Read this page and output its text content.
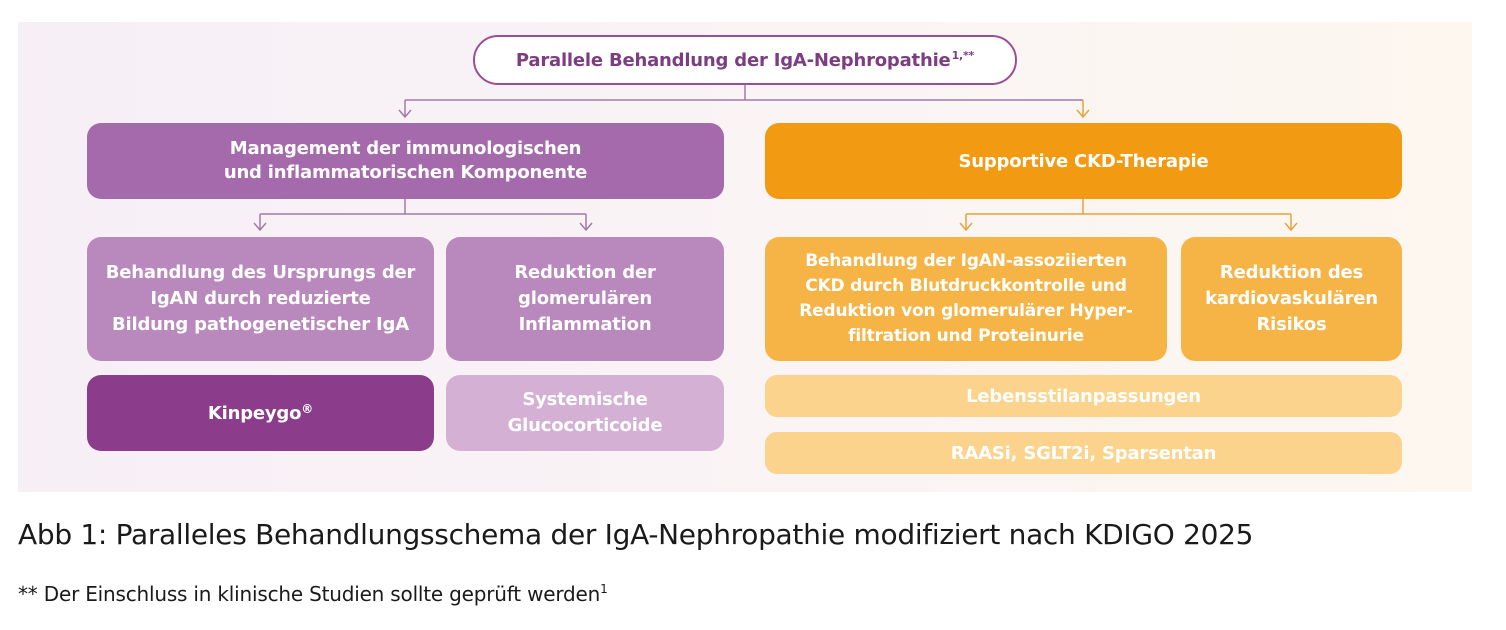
Parallele Behandlung der IgA-Nephropathie$^{1,**}$
Management der immunologischen
und inflammatorischen Komponente
Supportive CKD-Therapie
Behandlung des Ursprungs der
IgAN durch reduzierte
Bildung pathogenetischer IgA
Reduktion der
glomerulären
Inflammation
Kinpeygo®	Systemische
Glucocorticoide
Behandlung der IgAN-assoziierten
CKD durch Blutdruckkontrolle und
Reduktion von glomerulärer Hyper-
filtration und Proteinurie
Reduktion des
kardiovaskulären
Risikos
Lebensstilanpassungen
RAASi, SGLT2i, Sparsentan
Abb 1: Paralleles Behandlungsschema der IgA-Nephropathie modifiziert nach KDIGO 2025
** Der Einschluss in klinische Studien sollte geprüft werden$^1$
